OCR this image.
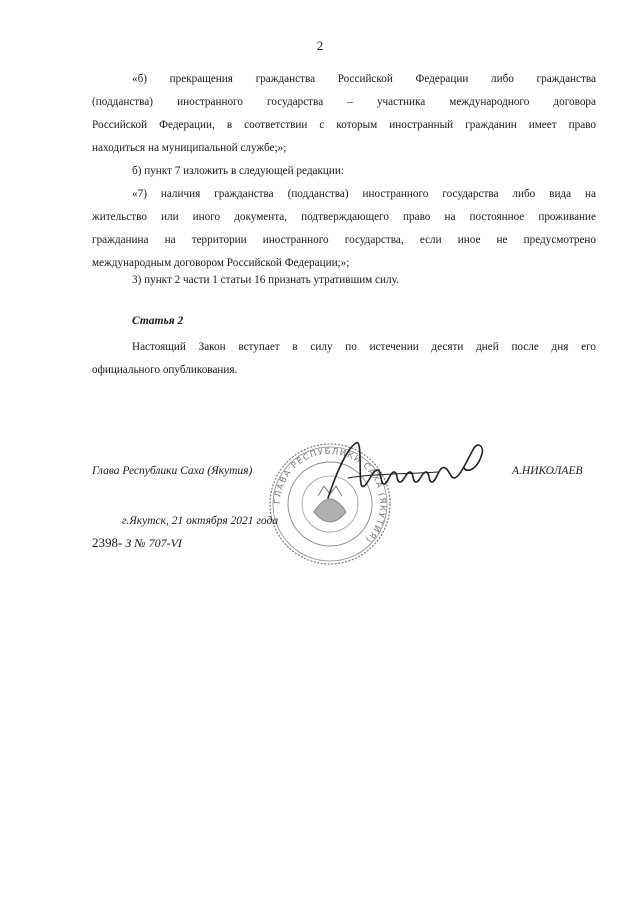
2

«б) прекращения гражданства Российской Федерации либо гражданства
(подданства) иностранного государства – участника международного договора
Российской Федерации, в соответствии с которым иностранный гражданин имеет право
находиться на муниципальной службе;»;

б) пункт 7 изложить в следующей редакции:

«7) наличия гражданства (подданства) иностранного государства либо вида на
жительство или иного документа, подтверждающего право на постоянное проживание
гражданина на территории иностранного государства, если иное не предусмотрено
международным договором Российской Федерации;»;

3) пункт 2 части 1 статьи 16 признать утратившим силу.

Статья 2

Настоящий Закон вступает в силу по истечении десяти дней после дня его
официального опубликования.

ГЛАВА РЕСПУБЛИКИ САХА (ЯКУТИЯ)
Глава Республики Саха (Якутия)	А.НИКОЛАЕВ
г.Якутск, 21 октября 2021 года
2398- З № 707-VI
